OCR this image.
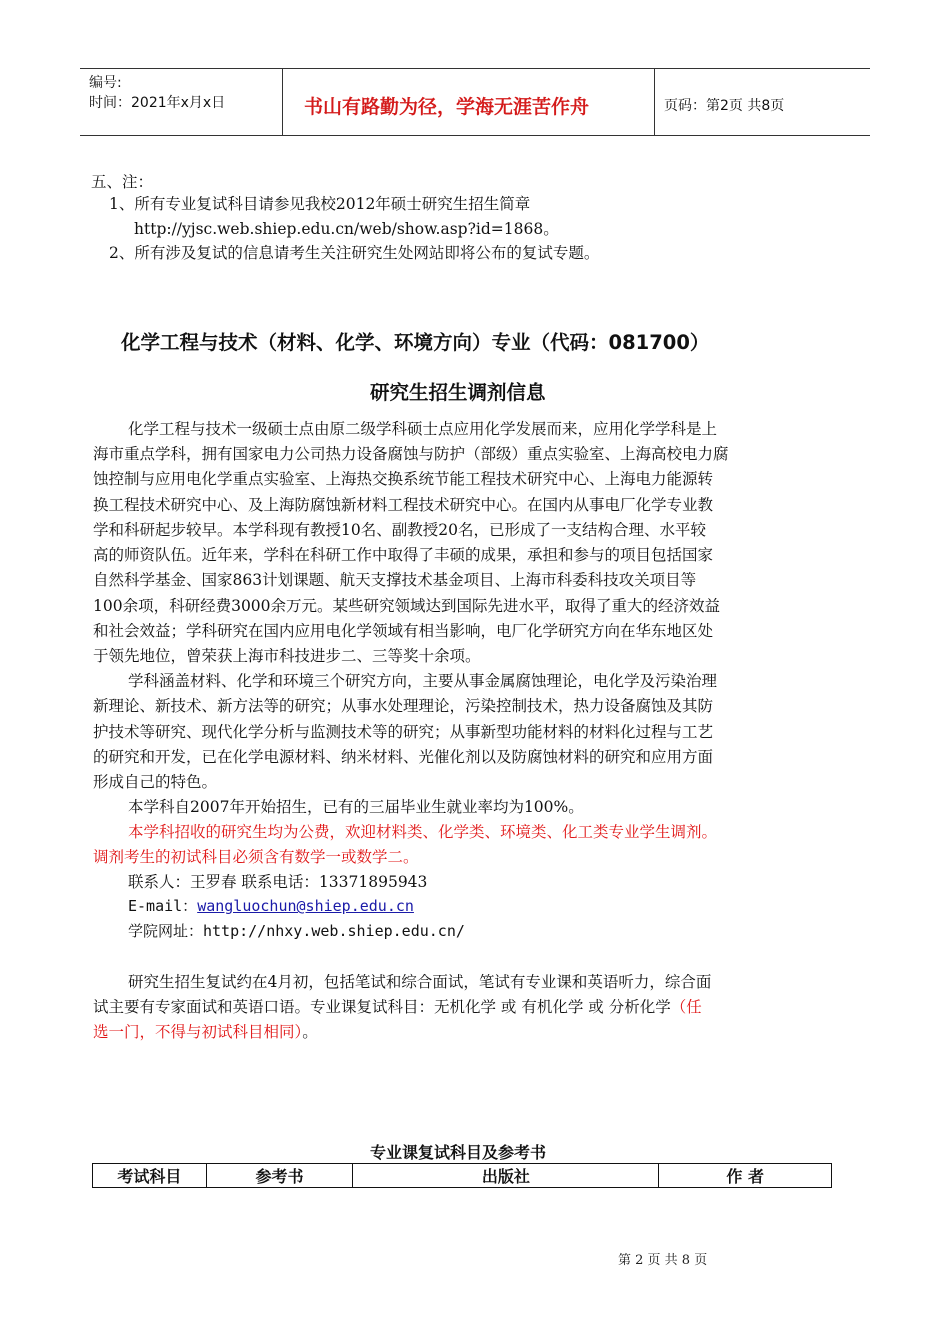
编号:
时间：2021年x月x日	书山有路勤为径，学海无涯苦作舟	页码：第2页 共8页
五、注：
1、所有专业复试科目请参见我校2012年硕士研究生招生简章
http://yjsc.web.shiep.edu.cn/web/show.asp?id=1868。
2、所有涉及复试的信息请考生关注研究生处网站即将公布的复试专题。
化学工程与技术（材料、化学、环境方向）专业（代码：081700）
研究生招生调剂信息
化学工程与技术一级硕士点由原二级学科硕士点应用化学发展而来，应用化学学科是上
海市重点学科，拥有国家电力公司热力设备腐蚀与防护（部级）重点实验室、上海高校电力腐
蚀控制与应用电化学重点实验室、上海热交换系统节能工程技术研究中心、上海电力能源转
换工程技术研究中心、及上海防腐蚀新材料工程技术研究中心。在国内从事电厂化学专业教
学和科研起步较早。本学科现有教授10名、副教授20名，已形成了一支结构合理、水平较
高的师资队伍。近年来，学科在科研工作中取得了丰硕的成果，承担和参与的项目包括国家
自然科学基金、国家863计划课题、航天支撑技术基金项目、上海市科委科技攻关项目等
100余项，科研经费3000余万元。某些研究领域达到国际先进水平，取得了重大的经济效益
和社会效益；学科研究在国内应用电化学领域有相当影响，电厂化学研究方向在华东地区处
于领先地位，曾荣获上海市科技进步二、三等奖十余项。
学科涵盖材料、化学和环境三个研究方向，主要从事金属腐蚀理论，电化学及污染治理
新理论、新技术、新方法等的研究；从事水处理理论，污染控制技术，热力设备腐蚀及其防
护技术等研究、现代化学分析与监测技术等的研究；从事新型功能材料的材料化过程与工艺
的研究和开发，已在化学电源材料、纳米材料、光催化剂以及防腐蚀材料的研究和应用方面
形成自己的特色。
本学科自2007年开始招生，已有的三届毕业生就业率均为100%。
本学科招收的研究生均为公费，欢迎材料类、化学类、环境类、化工类专业学生调剂。
调剂考生的初试科目必须含有数学一或数学二。
联系人：王罗春 联系电话：13371895943
E-mail：wangluochun@shiep.edu.cn
学院网址：http://nhxy.web.shiep.edu.cn/
研究生招生复试约在4月初，包括笔试和综合面试，笔试有专业课和英语听力，综合面
试主要有专家面试和英语口语。专业课复试科目：无机化学 或 有机化学 或 分析化学（任
选一门，不得与初试科目相同）。
专业课复试科目及参考书
考试科目	参考书	出版社	作 者
第 2 页 共 8 页
